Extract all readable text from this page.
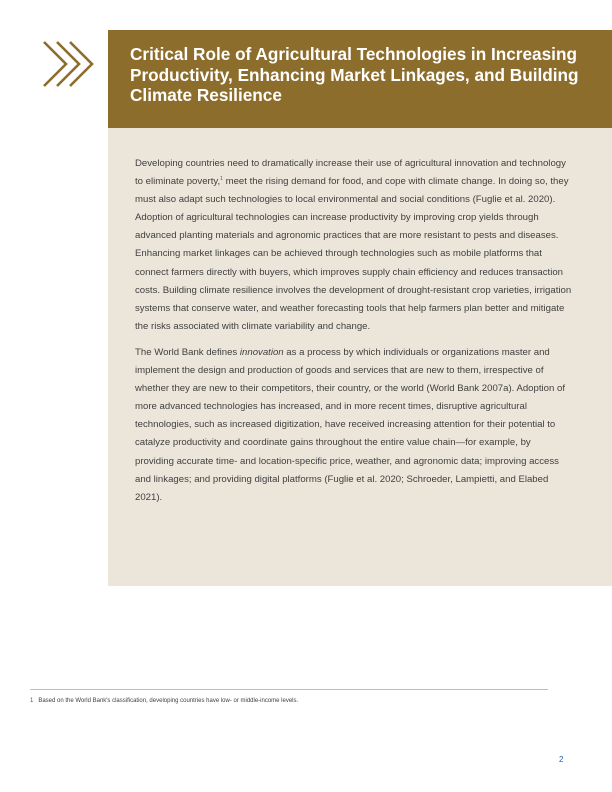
Critical Role of Agricultural Technologies in Increasing Productivity, Enhancing Market Linkages, and Building Climate Resilience

Developing countries need to dramatically increase their use of agricultural innovation and technology to eliminate poverty,$^1$ meet the rising demand for food, and cope with climate change. In doing so, they must also adapt such technologies to local environmental and social conditions (Fuglie et al. 2020). Adoption of agricultural technologies can increase productivity by improving crop yields through advanced planting materials and agronomic practices that are more resistant to pests and diseases. Enhancing market linkages can be achieved through technologies such as mobile platforms that connect farmers directly with buyers, which improves supply chain efficiency and reduces transaction costs. Building climate resilience involves the development of drought-resistant crop varieties, irrigation systems that conserve water, and weather forecasting tools that help farmers plan better and mitigate the risks associated with climate variability and change.

The World Bank defines innovation as a process by which individuals or organizations master and implement the design and production of goods and services that are new to them, irrespective of whether they are new to their competitors, their country, or the world (World Bank 2007a). Adoption of more advanced technologies has increased, and in more recent times, disruptive agricultural technologies, such as increased digitization, have received increasing attention for their potential to catalyze productivity and coordinate gains throughout the entire value chain—for example, by providing accurate time- and location-specific price, weather, and agronomic data; improving access and linkages; and providing digital platforms (Fuglie et al. 2020; Schroeder, Lampietti, and Elabed 2021).

1 Based on the World Bank's classification, developing countries have low- or middle-income levels.
2
